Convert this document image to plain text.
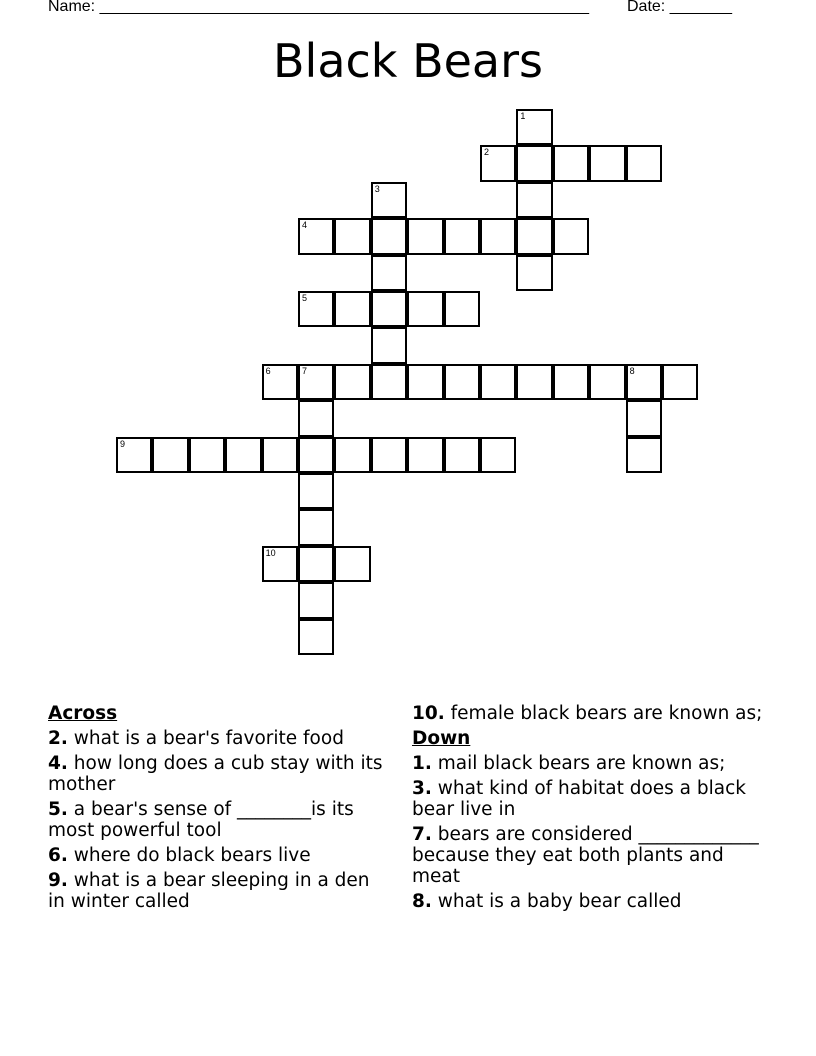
Name: _______________________________________________________ Date: _______
Black Bears
1
2
3
4
5
6	7	8
9
10
Across
2. what is a bear's favorite food
4. how long does a cub stay with its mother
5. a bear's sense of ________is its most powerful tool
6. where do black bears live
9. what is a bear sleeping in a den in winter called
10. female black bears are known as;
Down
1. mail black bears are known as;
3. what kind of habitat does a black bear live in
7. bears are considered _____________ because they eat both plants and meat
8. what is a baby bear called
